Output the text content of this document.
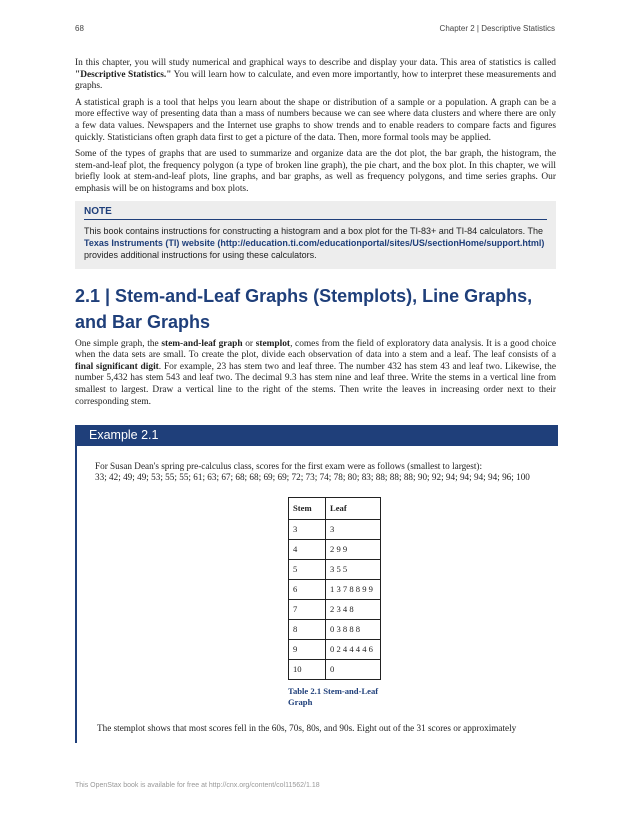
68	Chapter 2 | Descriptive Statistics

In this chapter, you will study numerical and graphical ways to describe and display your data. This area of statistics is called "Descriptive Statistics." You will learn how to calculate, and even more importantly, how to interpret these measurements and graphs.

A statistical graph is a tool that helps you learn about the shape or distribution of a sample or a population. A graph can be a more effective way of presenting data than a mass of numbers because we can see where data clusters and where there are only a few data values. Newspapers and the Internet use graphs to show trends and to enable readers to compare facts and figures quickly. Statisticians often graph data first to get a picture of the data. Then, more formal tools may be applied.

Some of the types of graphs that are used to summarize and organize data are the dot plot, the bar graph, the histogram, the stem-and-leaf plot, the frequency polygon (a type of broken line graph), the pie chart, and the box plot. In this chapter, we will briefly look at stem-and-leaf plots, line graphs, and bar graphs, as well as frequency polygons, and time series graphs. Our emphasis will be on histograms and box plots.

NOTE

This book contains instructions for constructing a histogram and a box plot for the TI-83+ and TI-84 calculators. The Texas Instruments (TI) website (http://education.ti.com/educationportal/sites/US/sectionHome/support.html) provides additional instructions for using these calculators.

2.1 | Stem-and-Leaf Graphs (Stemplots), Line Graphs, and Bar Graphs

One simple graph, the stem-and-leaf graph or stemplot, comes from the field of exploratory data analysis. It is a good choice when the data sets are small. To create the plot, divide each observation of data into a stem and a leaf. The leaf consists of a final significant digit. For example, 23 has stem two and leaf three. The number 432 has stem 43 and leaf two. Likewise, the number 5,432 has stem 543 and leaf two. The decimal 9.3 has stem nine and leaf three. Write the stems in a vertical line from smallest to largest. Draw a vertical line to the right of the stems. Then write the leaves in increasing order next to their corresponding stem.

Example 2.1

For Susan Dean's spring pre-calculus class, scores for the first exam were as follows (smallest to largest):

33; 42; 49; 49; 53; 55; 55; 61; 63; 67; 68; 68; 69; 69; 72; 73; 74; 78; 80; 83; 88; 88; 88; 90; 92; 94; 94; 94; 94; 96; 100

Stem	Leaf
3	3
4	2 9 9
5	3 5 5
6	1 3 7 8 8 9 9
7	2 3 4 8
8	0 3 8 8 8
9	0 2 4 4 4 4 6
10	0
Table 2.1 Stem-and-Leaf Graph
The stemplot shows that most scores fell in the 60s, 70s, 80s, and 90s. Eight out of the 31 scores or approximately
This OpenStax book is available for free at http://cnx.org/content/col11562/1.18
